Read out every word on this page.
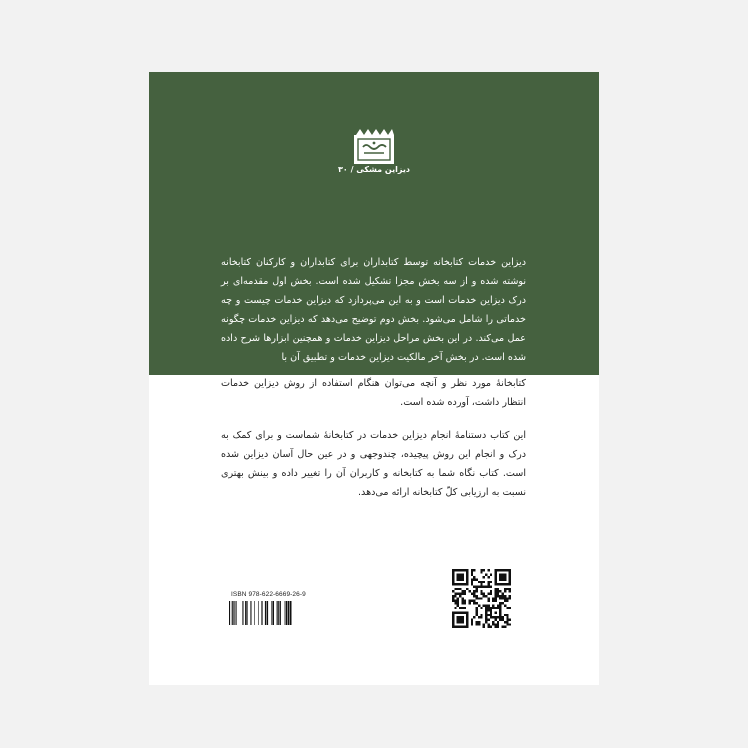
دیزاین مشکی / ۳۰
دیزاین خدمات کتابخانه توسط کتابداران برای کتابداران و کارکنان کتابخانه نوشته شده و از سه بخش مجزا تشکیل شده است. بخش اول مقدمه‌ای بر درک دیزاین خدمات است و به این می‌پردازد که دیزاین خدمات چیست و چه خدماتی را شامل می‌شود. بخش دوم توضیح می‌دهد که دیزاین خدمات چگونه عمل می‌کند. در این بخش مراحل دیزاین خدمات و همچنین ابزارها شرح داده شده است. در بخش آخر مالکیت دیزاین خدمات و تطبیق آن با
کتابخانهٔ مورد نظر و آنچه می‌توان هنگام استفاده از روش دیزاین خدمات انتظار داشت، آورده شده است.
این کتاب دستنامهٔ انجام دیزاین خدمات در کتابخانهٔ شماست و برای کمک به درک و انجام این روش پیچیده، چندوجهی و در عین حال آسان دیزاین شده است. کتاب نگاه شما به کتابخانه و کاربران آن را تغییر داده و بینش بهتری نسبت به ارزیابی کلّ کتابخانه ارائه می‌دهد.
ISBN 978-622-6669-26-9
